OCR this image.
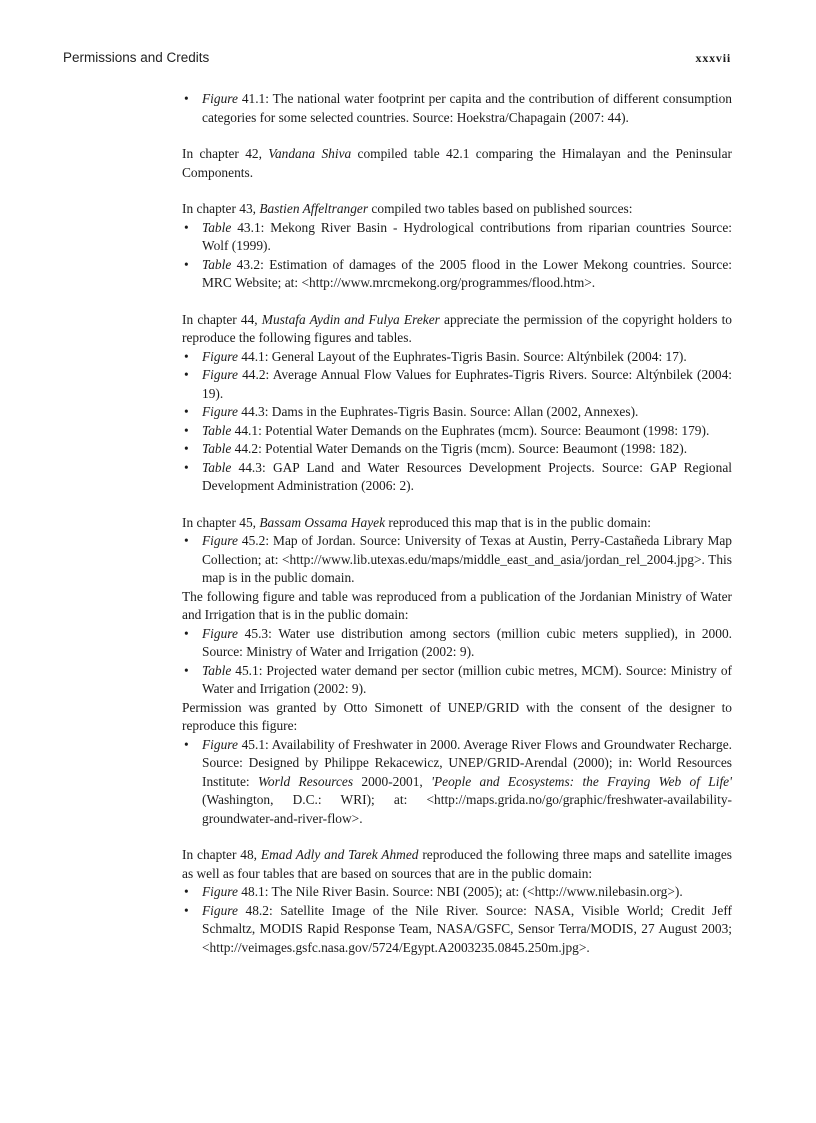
Permissions and Credits	xxxvii
• Figure 41.1: The national water footprint per capita and the contribution of different consumption categories for some selected countries. Source: Hoekstra/Chapagain (2007: 44).

In chapter 42, Vandana Shiva compiled table 42.1 comparing the Himalayan and the Peninsular Components.

In chapter 43, Bastien Affeltranger compiled two tables based on published sources:

• Table 43.1: Mekong River Basin - Hydrological contributions from riparian countries Source: Wolf (1999).
• Table 43.2: Estimation of damages of the 2005 flood in the Lower Mekong countries. Source: MRC Website; at: <http://www.mrcmekong.org/programmes/flood.htm>.

In chapter 44, Mustafa Aydin and Fulya Ereker appreciate the permission of the copyright holders to reproduce the following figures and tables.

• Figure 44.1: General Layout of the Euphrates-Tigris Basin. Source: Altýnbilek (2004: 17).
• Figure 44.2: Average Annual Flow Values for Euphrates-Tigris Rivers. Source: Altýnbilek (2004: 19).
• Figure 44.3: Dams in the Euphrates-Tigris Basin. Source: Allan (2002, Annexes).
• Table 44.1: Potential Water Demands on the Euphrates (mcm). Source: Beaumont (1998: 179).
• Table 44.2: Potential Water Demands on the Tigris (mcm). Source: Beaumont (1998: 182).
• Table 44.3: GAP Land and Water Resources Development Projects. Source: GAP Regional Development Administration (2006: 2).

In chapter 45, Bassam Ossama Hayek reproduced this map that is in the public domain:

• Figure 45.2: Map of Jordan. Source: University of Texas at Austin, Perry-Castañeda Library Map Collection; at: <http://www.lib.utexas.edu/maps/middle_east_and_asia/jordan_rel_2004.jpg>. This map is in the public domain.

The following figure and table was reproduced from a publication of the Jordanian Ministry of Water and Irrigation that is in the public domain:

• Figure 45.3: Water use distribution among sectors (million cubic meters supplied), in 2000. Source: Ministry of Water and Irrigation (2002: 9).
• Table 45.1: Projected water demand per sector (million cubic metres, MCM). Source: Ministry of Water and Irrigation (2002: 9).

Permission was granted by Otto Simonett of UNEP/GRID with the consent of the designer to reproduce this figure:

• Figure 45.1: Availability of Freshwater in 2000. Average River Flows and Groundwater Recharge. Source: Designed by Philippe Rekacewicz, UNEP/GRID-Arendal (2000); in: World Resources Institute: World Resources 2000-2001, 'People and Ecosystems: the Fraying Web of Life' (Washington, D.C.: WRI); at: <http://maps.grida.no/go/graphic/freshwater-availability-groundwater-and-river-flow>.

In chapter 48, Emad Adly and Tarek Ahmed reproduced the following three maps and satellite images as well as four tables that are based on sources that are in the public domain:

• Figure 48.1: The Nile River Basin. Source: NBI (2005); at: (<http://www.nilebasin.org>).
• Figure 48.2: Satellite Image of the Nile River. Source: NASA, Visible World; Credit Jeff Schmaltz, MODIS Rapid Response Team, NASA/GSFC, Sensor Terra/MODIS, 27 August 2003; <http://veimages.gsfc.nasa.gov/5724/Egypt.A2003235.0845.250m.jpg>.
